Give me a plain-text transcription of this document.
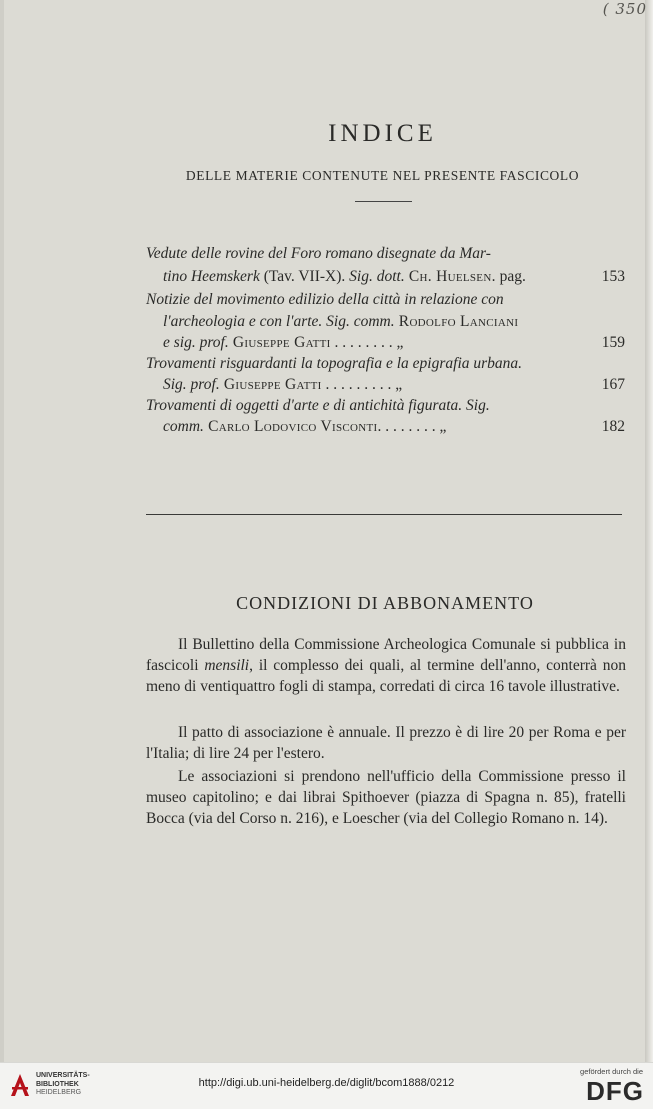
( 350
INDICE
DELLE MATERIE CONTENUTE NEL PRESENTE FASCICOLO
Vedute delle rovine del Foro romano disegnate da Mar-
tino Heemskerk (Tav. VII-X). Sig. dott. Ch. Huelsen. pag.	153
Notizie del movimento edilizio della città in relazione con
l'archeologia e con l'arte. Sig. comm. Rodolfo Lanciani
e sig. prof. Giuseppe Gatti . . . . . . . . „	159
Trovamenti risguardanti la topografia e la epigrafia urbana.
Sig. prof. Giuseppe Gatti . . . . . . . . . „	167
Trovamenti di oggetti d'arte e di antichità figurata. Sig.
comm. Carlo Lodovico Visconti. . . . . . . . „	182
CONDIZIONI DI ABBONAMENTO

Il Bullettino della Commissione Archeologica Comunale si pubblica in fascicoli mensili, il complesso dei quali, al termine dell'anno, conterrà non meno di ventiquattro fogli di stampa, corredati di circa 16 tavole illustrative.

Il patto di associazione è annuale. Il prezzo è di lire 20 per Roma e per l'Italia; di lire 24 per l'estero.

Le associazioni si prendono nell'ufficio della Commissione presso il museo capitolino; e dai librai Spithoever (piazza di Spagna n. 85), fratelli Bocca (via del Corso n. 216), e Loescher (via del Collegio Romano n. 14).

UNIVERSITÄTS-
BIBLIOTHEK
HEIDELBERG
http://digi.ub.uni-heidelberg.de/diglit/bcom1888/0212
gefördert durch die
DFG
